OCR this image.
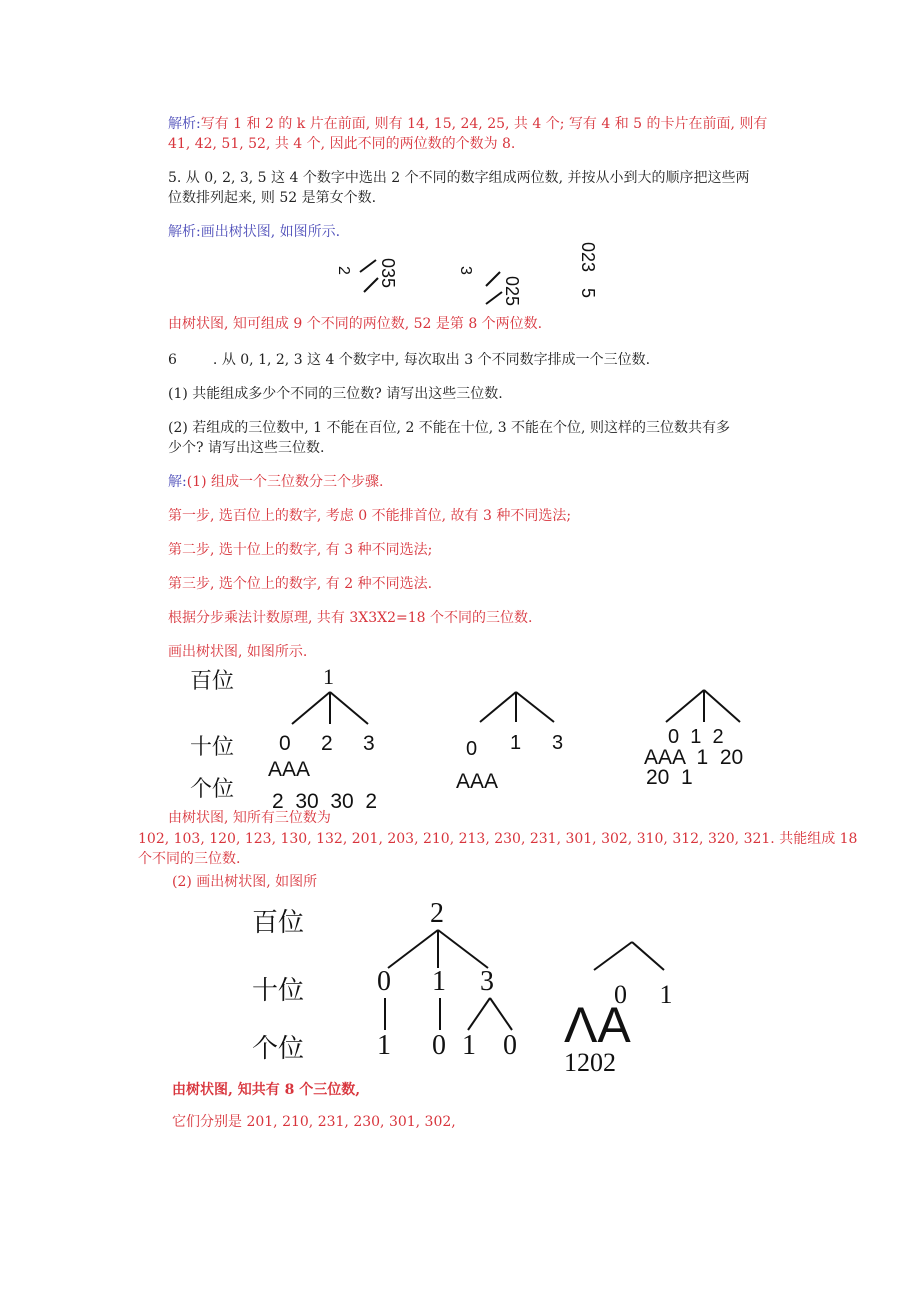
解析:写有 1 和 2 的 k 片在前面, 则有 14, 15, 24, 25, 共 4 个; 写有 4 和 5 的卡片在前面, 则有
41, 42, 51, 52, 共 4 个, 因此不同的两位数的个数为 8.
5. 从 0, 2, 3, 5 这 4 个数字中选出 2 个不同的数字组成两位数, 并按从小到大的顺序把这些两
位数排列起来, 则 52 是第女个数.
解析:画出树状图, 如图所示.
035
2
025
3	023
5
由树状图, 知可组成 9 个不同的两位数, 52 是第 8 个两位数.
6	. 从 0, 1, 2, 3 这 4 个数字中, 每次取出 3 个不同数字排成一个三位数.
(1) 共能组成多少个不同的三位数? 请写出这些三位数.
(2) 若组成的三位数中, 1 不能在百位, 2 不能在十位, 3 不能在个位, 则这样的三位数共有多
少个? 请写出这些三位数.
解:(1) 组成一个三位数分三个步骤.
第一步, 选百位上的数字, 考虑 0 不能排首位, 故有 3 种不同选法;
第二步, 选十位上的数字, 有 3 种不同选法;
第三步, 选个位上的数字, 有 2 种不同选法.
根据分步乘法计数原理, 共有 3X3X2=18 个不同的三位数.
画出树状图, 如图所示.
百位
十位
个位
1
0 2 3
AAA
2  30  30  2
0 1 3
AAA
0  1  2
AAA  1  20
20  1
由树状图, 知所有三位数为
102, 103, 120, 123, 130, 132, 201, 203, 210, 213, 230, 231, 301, 302, 310, 312, 320, 321. 共能组成 18
个不同的三位数.
(2) 画出树状图, 如图所
百位
十位
个位
2
0 1 3
1 0 1 0
0     1
ΛA
1202
由树状图, 知共有 8 个三位数,
它们分别是 201, 210, 231, 230, 301, 302,
